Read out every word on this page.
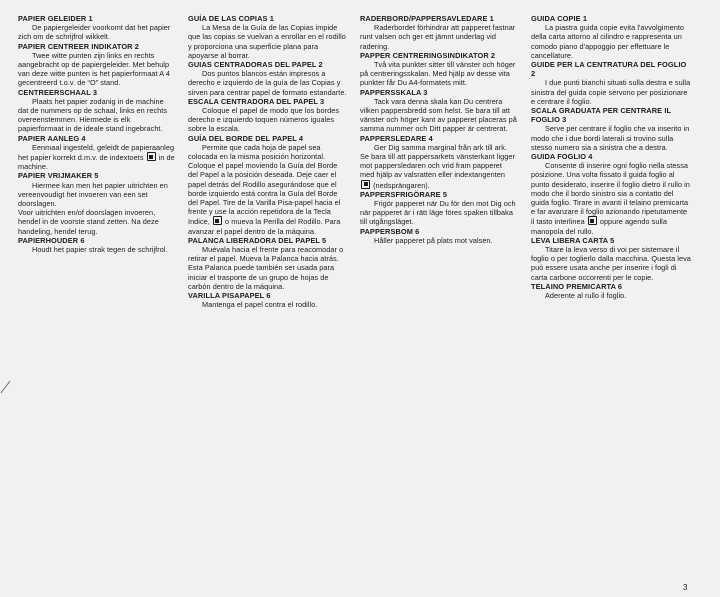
PAPIER GELEIDER 1
De papiergeleider voorkomt dat het papier zich om de schrijfrol wikkelt.
PAPIER CENTREER INDIKATOR 2
Twee witte punten zijn links en rechts aangebracht op de papiergeleider. Met behulp van deze witte punten is het papierformaat A 4 gecentreerd t.o.v. de “O” stand.
CENTREERSCHAAL 3
Plaats het papier zodanig in de machine dat de nummers op de schaal, links en rechts overeenstemmen. Hiermede is elk papierformaat in de ideale stand ingebracht.
PAPIER AANLEG 4
Eenmaal ingesteld, geleidt de papieraanleg het papier korrekt d.m.v. de indextoets in de machine.
PAPIER VRIJMAKER 5
Hiermee kan men het papier uitrichten en vereenvoudigt het invoeren van een set doorslagen.
Voor uitrichten en/of doorslagen invoeren, hendel in de voorste stand zetten. Na deze handeling, hendel terug.
PAPIERHOUDER 6
Houdt het papier strak tegen de schrijfrol.
GUÍA DE LAS COPIAS 1
La Mesa de la Guía de las Copias impide que las copias se vuelvan a enrollar en el rodillo y proporciona una superficie plana para apoyarse al borrar.
GUIAS CENTRADORAS DEL PAPEL 2
Dos puntos blancos están impresos a derecho e izquierdo de la guía de las Copias y sirven para centrar papel de formato estandarte.
ESCALA CENTRADORA DEL PAPEL 3
Coloque el papel de modo que los bordes derecho e izquierdo toquen números iguales sobre la escala.
GUÍA DEL BORDE DEL PAPEL 4
Permite que cada hoja de papel sea colocada en la misma posición horizontal. Coloque el papel moviendo la Guía del Borde del Papel a la posición deseada. Deje caer el papel detrás del Rodillo asegurándose que el borde izquierdo está contra la Guía del Borde del Papel. Tire de la Varilla Pisa-papel hacia el frente y use la acción repetidora de la Tecla Indice, o mueva la Perilla del Rodillo. Para avanzar el papel dentro de la máquina.
PALANCA LIBERADORA DEL PAPEL 5
Muévala hacia el frente para reacomodar o retirar el papel. Mueva la Palanca hacia atrás. Esta Palanca puede también ser usada para iniciar el trasporte de un grupo de hojas de carbón dentro de la máquina.
VARILLA PISAPAPEL 6
Mantenga el papel contra el rodillo.
RADERBORD/PAPPERSAVLEDARE 1
Raderbordet förhindrar att papperet fastnar runt valsen och ger ett jämnt underlag vid radering.
PAPPER CENTRERINGSINDIKATOR 2
Två vita punkter sitter till vänster och höger på centreringsskalan. Med hjälp av desse vita punkter får Du A4-formatets mitt.
PAPPERSSKALA 3
Tack vara denna skala kan Du centrera vilken pappersbredd som helst. Se bara till att vänster och höger kant av papperet placeras på samma nummer och Ditt papper är centrerat.
PAPPERSLEDARE 4
Ger Dig samma marginal från ark till ark. Se bara till att pappersarkets vänsterkant ligger mot pappersledaren och vrid fram papperet med hjälp av valsratten eller indextangenten  (nedsprängaren).
PAPPERSFRIGÖRARE 5
Frigör papperet när Du för den mot Dig och när papperet är i rätt läge föres spaken tillbaka till utgångsläget.
PAPPERSBOM 6
Håller papperet på plats mot valsen.
GUIDA COPIE 1
La piastra guida copie evita l'avvolgimento della carta attorno al cilindro e rappresenta un comodo piano d'appoggio per effettuare le cancellature.
GUIDE PER LA CENTRATURA DEL FOGLIO 2
I due punti bianchi situati sulla destra e sulla sinistra del guida copie servono per posizionare e centrare il foglio.
SCALA GRADUATA PER CENTRARE IL FOGLIO 3
Serve per centrare il foglio che va inserito in modo che i due bordi laterali si trovino sulla stesso numero sia a sinistra che a destra.
GUIDA FOGLIO 4
Consente di inserire ogni foglio nella stessa posizione. Una volta fissato il guida foglio al punto desiderato, inserire il foglio dietro il rullo in modo che il bordo sinistro sia a contatto del guida foglio. Tirare in avanti il telaino premicarta e far avanzare il foglio azionando ripetutamente il tasto interlinea oppure agendo sulla manopola del rullo.
LEVA LIBERA CARTA 5
Titare la leva verso di voi per sistemare il foglio o per toglierlo dalla macchina. Questa leva può essere usata anche per inserire i fogli di carta carbone occorrenti per le copie.
TELAINO PREMICARTA 6
Aderente al rullo il foglio.
3
